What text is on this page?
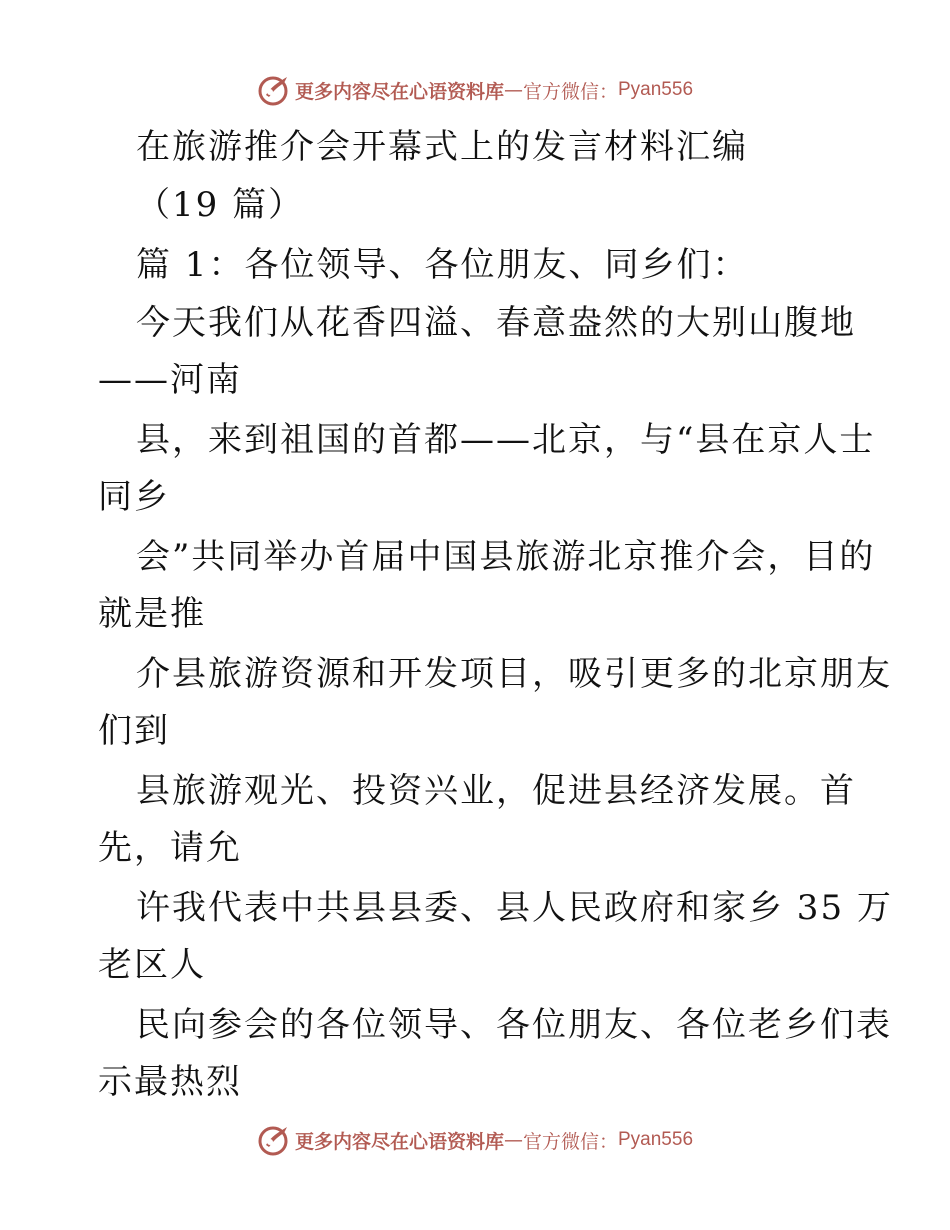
更多内容尽在心语资料库 — 官方微信： Pyan556
在旅游推介会开幕式上的发言材料汇编
（19 篇）
篇 1：各位领导、各位朋友、同乡们：
今天我们从花香四溢、春意盎然的大别山腹地
——河南
县，来到祖国的首都——北京，与“县在京人士
同乡
会”共同举办首届中国县旅游北京推介会，目的
就是推
介县旅游资源和开发项目，吸引更多的北京朋友
们到
县旅游观光、投资兴业，促进县经济发展。首
先，请允
许我代表中共县县委、县人民政府和家乡 35 万
老区人
民向参会的各位领导、各位朋友、各位老乡们表
示最热烈
更多内容尽在心语资料库 — 官方微信： Pyan556
